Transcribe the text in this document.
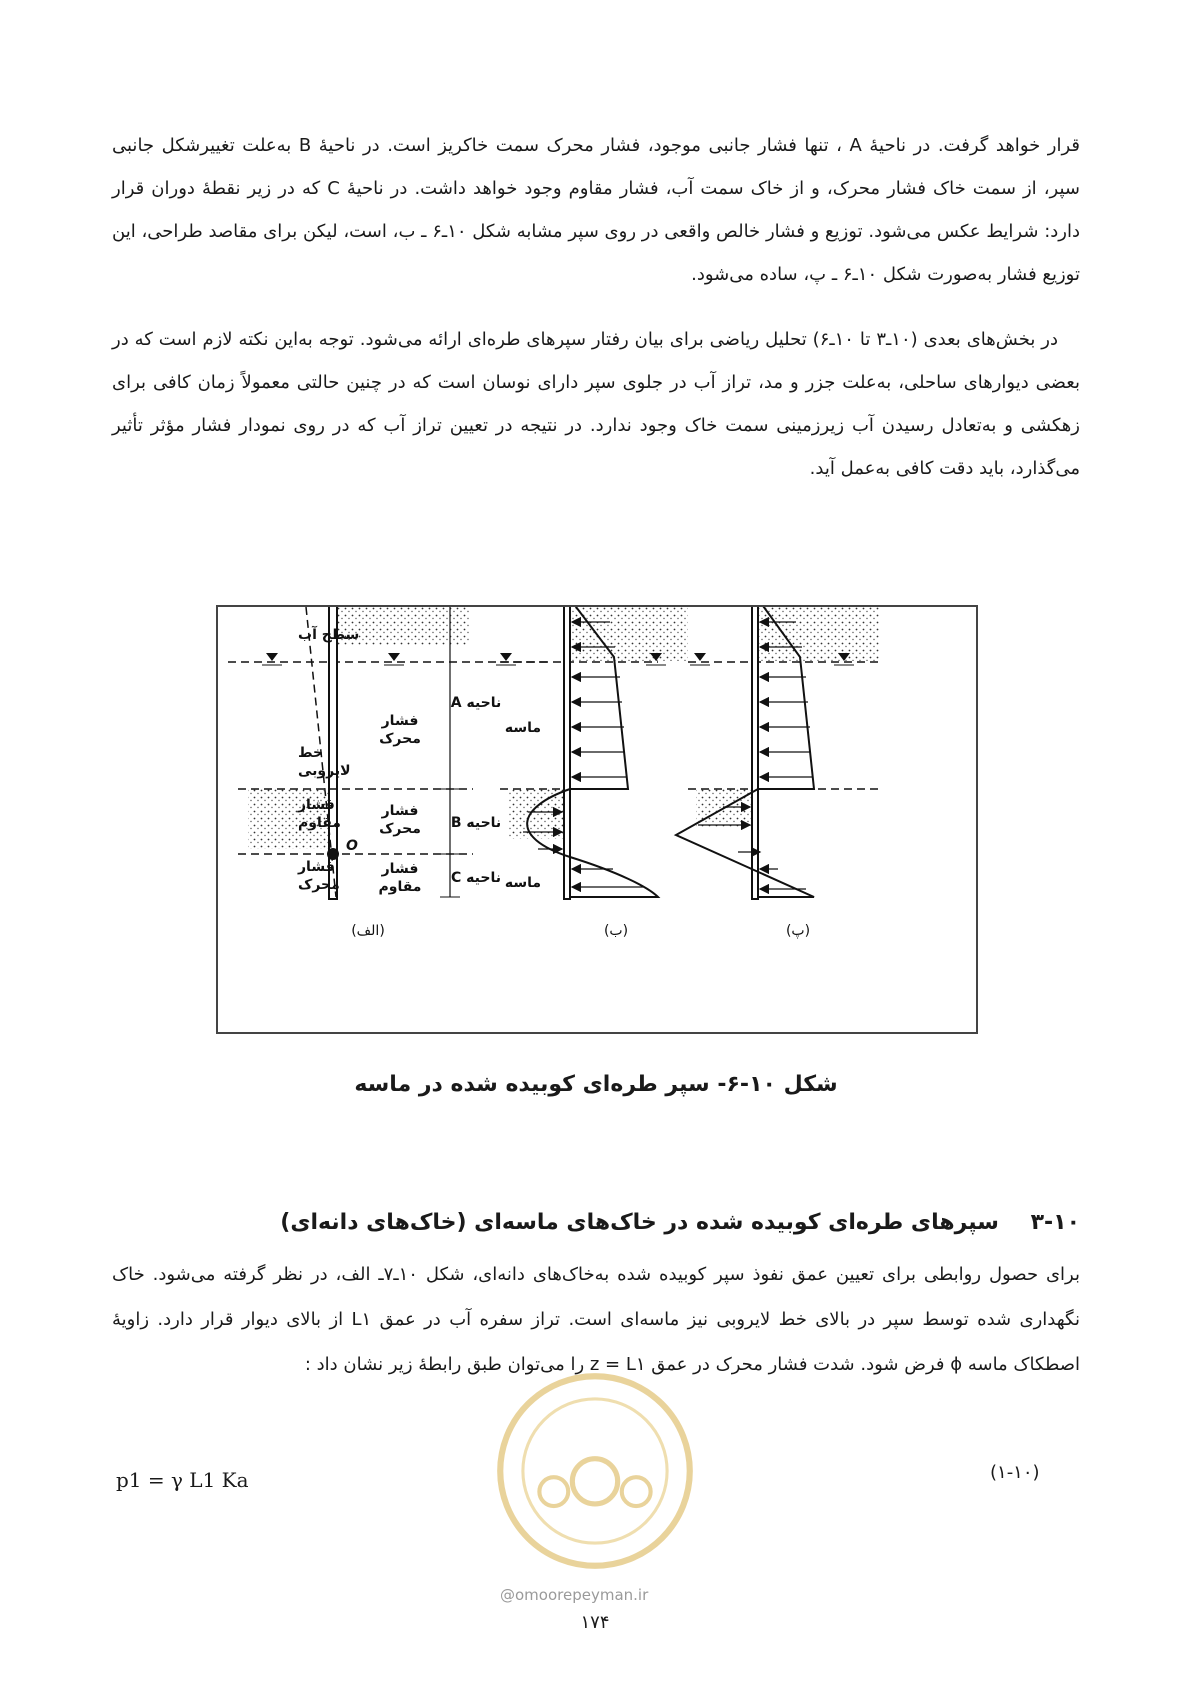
قرار خواهد گرفت. در ناحیهٔ A ، تنها فشار جانبی موجود، فشار محرک سمت خاکریز است. در ناحیهٔ B به‌علت تغییرشکل جانبی سپر، از سمت خاک فشار محرک، و از خاک سمت آب، فشار مقاوم وجود خواهد داشت. در ناحیهٔ C که در زیر نقطهٔ دوران قرار دارد: شرایط عکس می‌شود. توزیع و فشار خالص واقعی در روی سپر مشابه شکل ۱۰ـ۶ ـ ب، است، لیکن برای مقاصد طراحی، این توزیع فشار به‌صورت شکل ۱۰ـ۶ ـ پ، ساده می‌شود.

در بخش‌های بعدی (۱۰ـ۳ تا ۱۰ـ۶) تحلیل ریاضی برای بیان رفتار سپرهای طره‌ای ارائه می‌شود. توجه به‌این نکته لازم است که در بعضی دیوارهای ساحلی، به‌علت جزر و مد، تراز آب در جلوی سپر دارای نوسان است که در چنین حالتی معمولاً زمان کافی برای زهکشی و به‌تعادل رسیدن آب زیرزمینی سمت خاک وجود ندارد. در نتیجه در تعیین تراز آب که در روی نمودار فشار مؤثر تأثیر می‌گذارد، باید دقت کافی به‌عمل آید.

O
سطح آب
خط
لایروبی
فشار
مقاوم
فشار
محرک
فشار
محرک
فشار
محرک
فشار
مقاوم
ناحیه A
ناحیه B
ناحیه C
(الف)
ماسه
ماسه
(ب)	(پ)

شکل ۱۰-۶- سپر طره‌ای کوبیده شده در ماسه

۳-۱۰ سپرهای طره‌ای کوبیده شده در خاک‌های ماسه‌ای (خاک‌های دانه‌ای)

برای حصول روابطی برای تعیین عمق نفوذ سپر کوبیده شده به‌خاک‌های دانه‌ای، شکل ۱۰ـ۷ـ الف، در نظر گرفته می‌شود. خاک نگهداری شده توسط سپر در بالای خط لایروبی نیز ماسه‌ای است. تراز سفره آب در عمق L۱ از بالای دیوار قرار دارد. زاویهٔ اصطکاک ماسه ϕ فرض شود. شدت فشار محرک در عمق z = L۱ را می‌توان طبق رابطهٔ زیر نشان داد :

p1 = γ L1 Ka	(۱-۱۰)
@omoorepeyman.ir
۱۷۴
